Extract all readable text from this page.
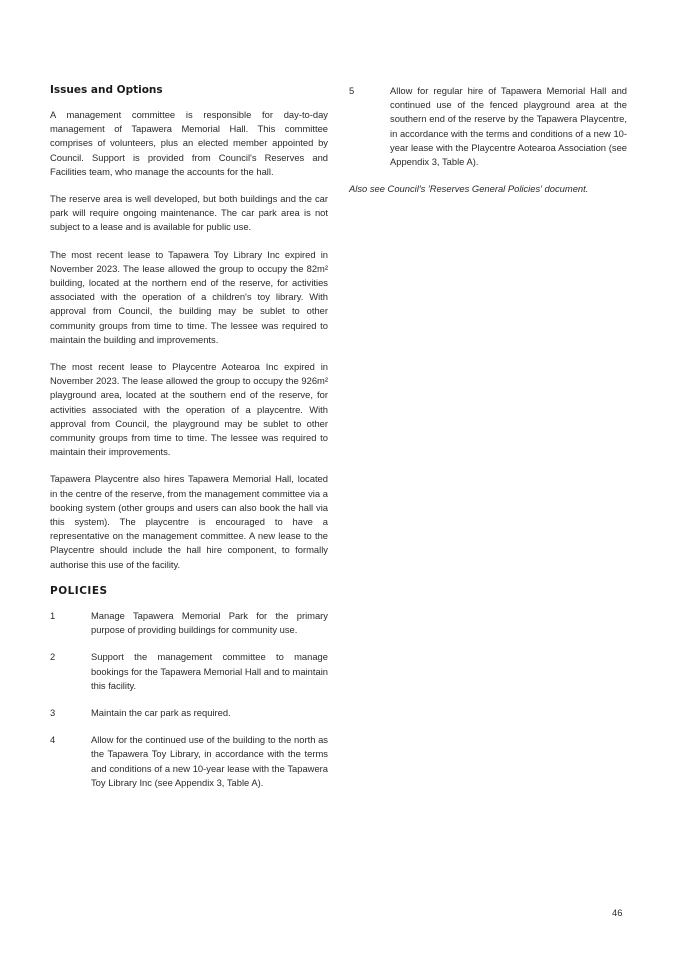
Issues and Options

A management committee is responsible for day-to-day management of Tapawera Memorial Hall. This committee comprises of volunteers, plus an elected member appointed by Council. Support is provided from Council's Reserves and Facilities team, who manage the accounts for the hall.

The reserve area is well developed, but both buildings and the car park will require ongoing maintenance. The car park area is not subject to a lease and is available for public use.

The most recent lease to Tapawera Toy Library Inc expired in November 2023. The lease allowed the group to occupy the 82m² building, located at the northern end of the reserve, for activities associated with the operation of a children's toy library. With approval from Council, the building may be sublet to other community groups from time to time. The lessee was required to maintain the building and improvements.

The most recent lease to Playcentre Aotearoa Inc expired in November 2023. The lease allowed the group to occupy the 926m² playground area, located at the southern end of the reserve, for activities associated with the operation of a playcentre. With approval from Council, the playground may be sublet to other community groups from time to time. The lessee was required to maintain their improvements.

Tapawera Playcentre also hires Tapawera Memorial Hall, located in the centre of the reserve, from the management committee via a booking system (other groups and users can also book the hall via this system). The playcentre is encouraged to have a representative on the management committee. A new lease to the Playcentre should include the hall hire component, to formally authorise this use of the facility.

POLICIES
1	Manage Tapawera Memorial Park for the primary purpose of providing buildings for community use.
2	Support the management committee to manage bookings for the Tapawera Memorial Hall and to maintain this facility.
3	Maintain the car park as required.
4	Allow for the continued use of the building to the north as the Tapawera Toy Library, in accordance with the terms and conditions of a new 10-year lease with the Tapawera Toy Library Inc (see Appendix 3, Table A).
5	Allow for regular hire of Tapawera Memorial Hall and continued use of the fenced playground area at the southern end of the reserve by the Tapawera Playcentre, in accordance with the terms and conditions of a new 10-year lease with the Playcentre Aotearoa Association (see Appendix 3, Table A).
Also see Council's 'Reserves General Policies' document.
46
